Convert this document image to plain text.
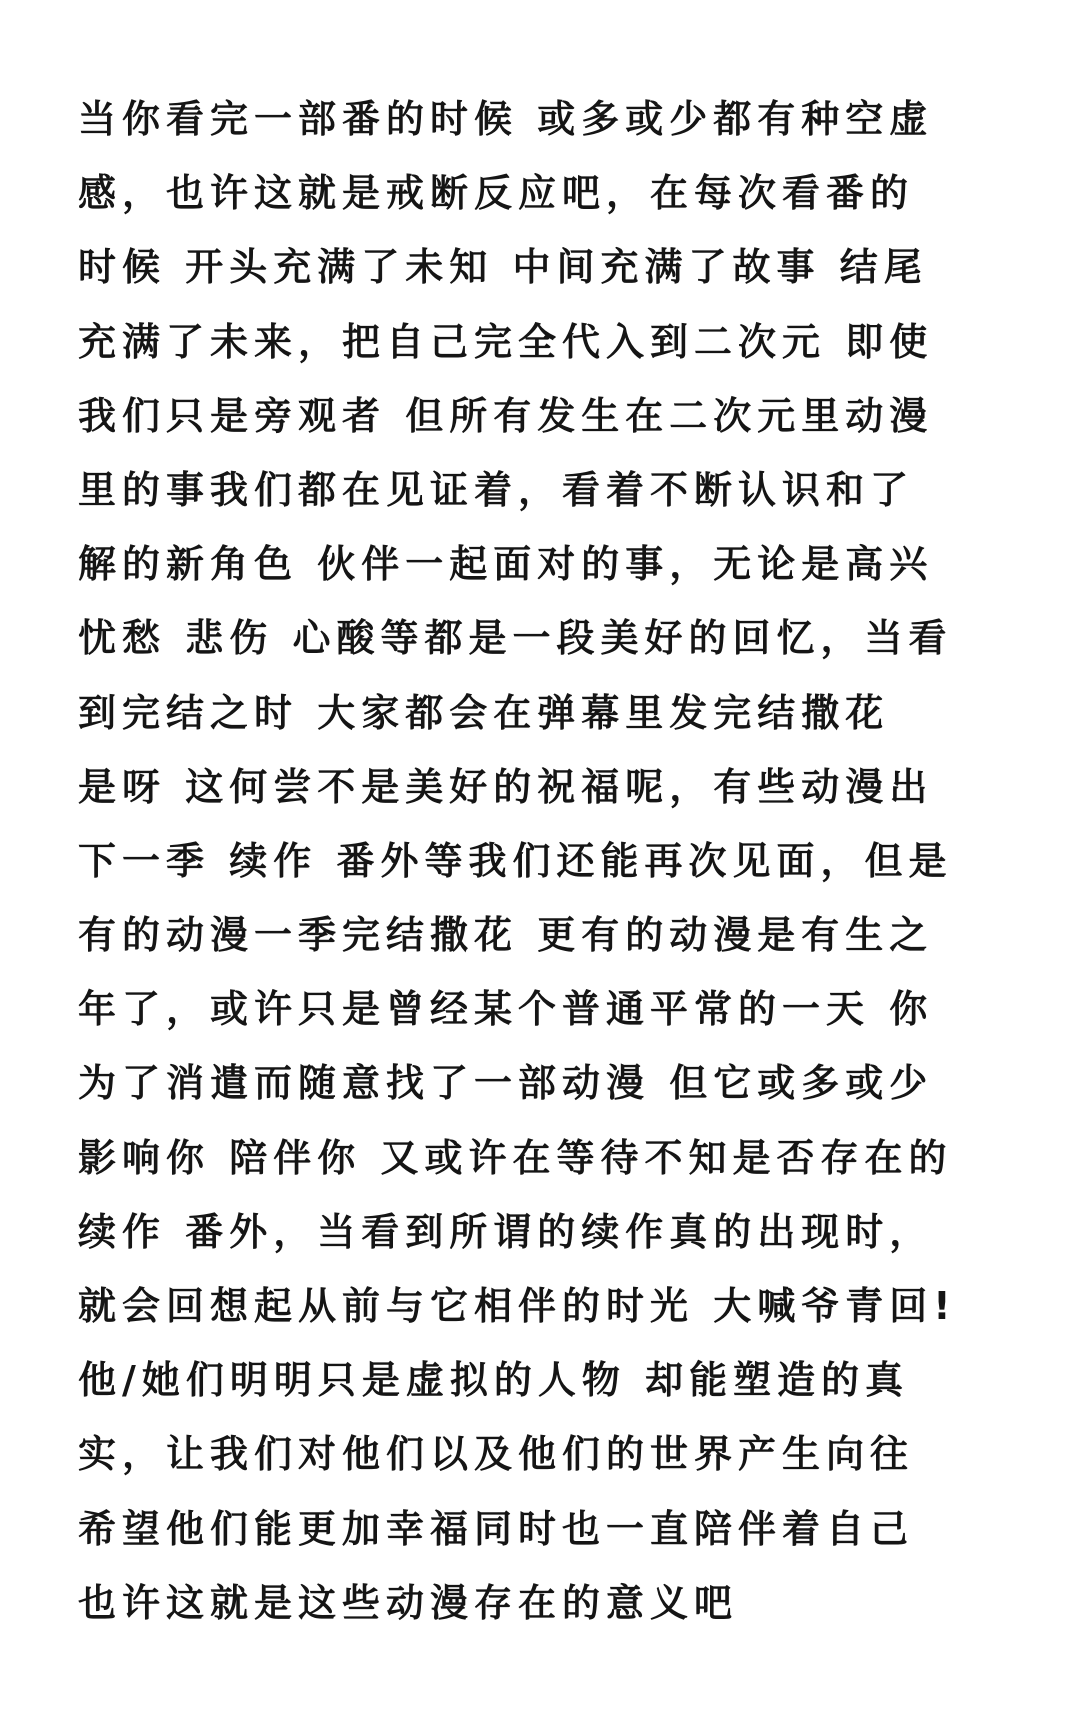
当你看完一部番的时候 或多或少都有种空虚
感，也许这就是戒断反应吧，在每次看番的
时候 开头充满了未知 中间充满了故事 结尾
充满了未来，把自己完全代入到二次元 即使
我们只是旁观者 但所有发生在二次元里动漫
里的事我们都在见证着，看着不断认识和了
解的新角色 伙伴一起面对的事，无论是高兴
忧愁 悲伤 心酸等都是一段美好的回忆，当看
到完结之时 大家都会在弹幕里发完结撒花
是呀 这何尝不是美好的祝福呢，有些动漫出
下一季 续作 番外等我们还能再次见面，但是
有的动漫一季完结撒花 更有的动漫是有生之
年了，或许只是曾经某个普通平常的一天 你
为了消遣而随意找了一部动漫 但它或多或少
影响你 陪伴你 又或许在等待不知是否存在的
续作 番外，当看到所谓的续作真的出现时，
就会回想起从前与它相伴的时光 大喊爷青回!
他/她们明明只是虚拟的人物 却能塑造的真
实，让我们对他们以及他们的世界产生向往
希望他们能更加幸福同时也一直陪伴着自己
也许这就是这些动漫存在的意义吧
